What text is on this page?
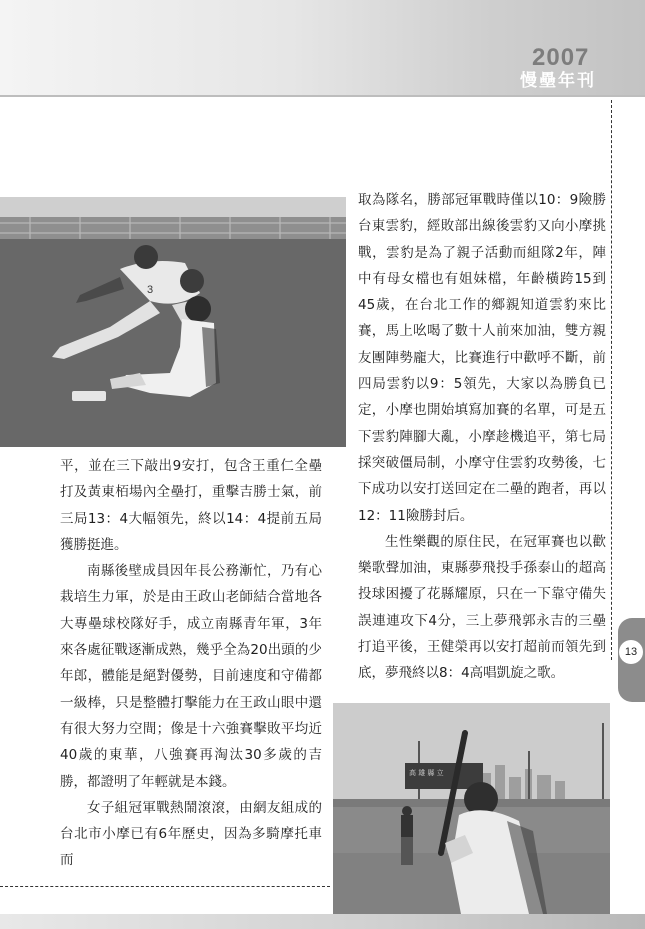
2007
慢壘年刊
13
3
高 雄 縣 立

取為隊名，勝部冠軍戰時僅以10：9險勝台東雲豹，經敗部出線後雲豹又向小摩挑戰，雲豹是為了親子活動而組隊2年，陣中有母女檔也有姐妹檔，年齡橫跨15到45歲，在台北工作的鄉親知道雲豹來比賽，馬上吆喝了數十人前來加油，雙方親友團陣勢龐大，比賽進行中歡呼不斷，前四局雲豹以9：5領先，大家以為勝負已定，小摩也開始填寫加賽的名單，可是五下雲豹陣腳大亂，小摩趁機追平，第七局採突破僵局制，小摩守住雲豹攻勢後，七下成功以安打送回定在二壘的跑者，再以12：11險勝封后。

生性樂觀的原住民，在冠軍賽也以歡樂歌聲加油，東縣夢飛投手孫泰山的超高投球困擾了花縣耀原，只在一下靠守備失誤連連攻下4分，三上夢飛郭永吉的三壘打追平後，王健榮再以安打超前而領先到底，夢飛終以8：4高唱凱旋之歌。

平，並在三下敲出9安打，包含王重仁全壘打及黃東栢場內全壘打，重擊吉勝士氣，前三局13：4大幅領先，終以14：4提前五局獲勝挺進。

南縣後壁成員因年長公務漸忙，乃有心栽培生力軍，於是由王政山老師結合當地各大專壘球校隊好手，成立南縣青年軍，3年來各處征戰逐漸成熟，幾乎全為20出頭的少年郎，體能是絕對優勢，目前速度和守備都一級棒，只是整體打擊能力在王政山眼中還有很大努力空間；像是十六強賽擊敗平均近40歲的東華，八強賽再淘汰30多歲的吉勝，都證明了年輕就是本錢。

女子組冠軍戰熱鬧滾滾，由網友組成的台北市小摩已有6年歷史，因為多騎摩托車而
